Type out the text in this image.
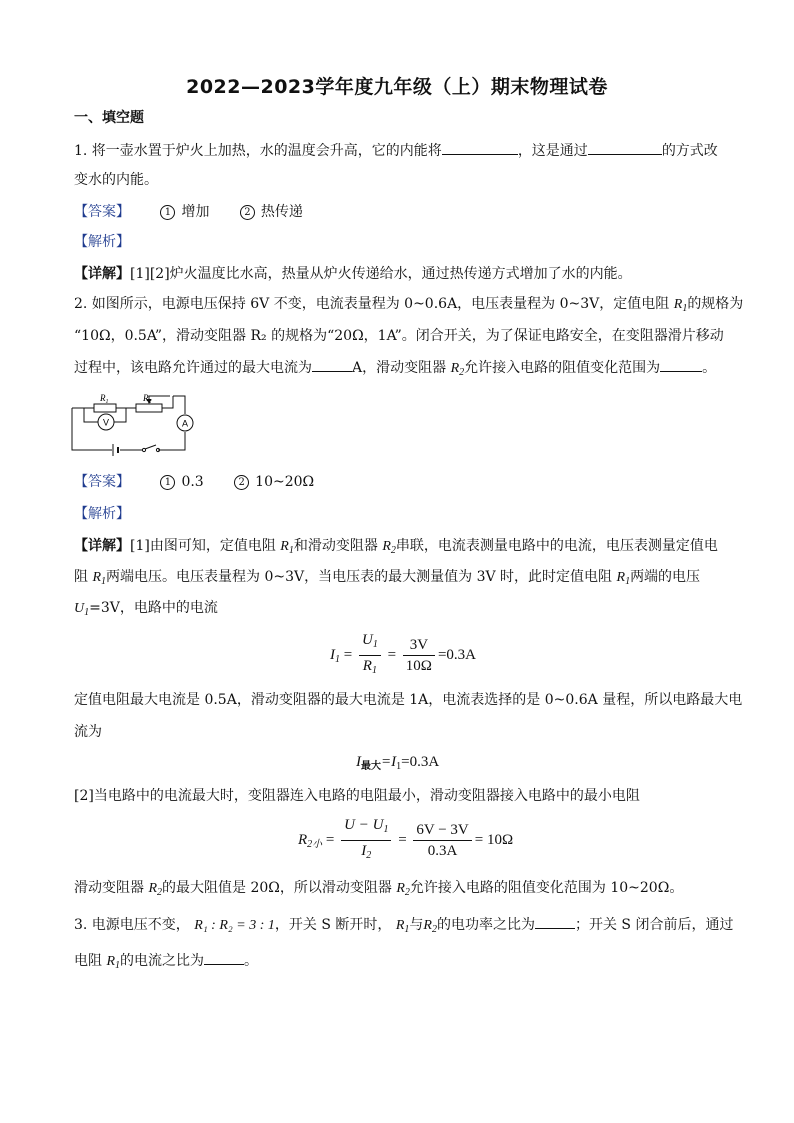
2022—2023学年度九年级（上）期末物理试卷
一、填空题
1. 将一壶水置于炉火上加热，水的温度会升高，它的内能将	，这是通过	的方式改
变水的内能。
【答案】	1 增加	2 热传递
【解析】
【详解】[1][2]炉火温度比水高，热量从炉火传递给水，通过热传递方式增加了水的内能。
2. 如图所示，电源电压保持 6V 不变，电流表量程为 0~0.6A，电压表量程为 0~3V，定值电阻 $R_1$的规格为
“10Ω，0.5A”，滑动变阻器 R₂ 的规格为“20Ω，1A”。闭合开关，为了保证电路安全，在变阻器滑片移动
过程中，该电路允许通过的最大电流为	A，滑动变阻器 $R_2$允许接入电路的阻值变化范围为	。
$R_1$	$R_2$
V	A
【答案】	1 0.3	2 10~20Ω
【解析】
【详解】[1]由图可知，定值电阻 $R_1$和滑动变阻器 $R_2$串联，电流表测量电路中的电流，电压表测量定值电
阻 $R_1$两端电压。电压表量程为 0~3V，当电压表的最大测量值为 3V 时，此时定值电阻 $R_1$两端的电压
$U_1=3V$，电路中的电流
$I_1 = \frac{U_1}{R_1} = \frac{3V}{10\Omega} =0.3A$
定值电阻最大电流是 0.5A，滑动变阻器的最大电流是 1A，电流表选择的是 0~0.6A 量程，所以电路最大电
流为
$I_{最大}=I_1=0.3A$
[2]当电路中的电流最大时，变阻器连入电路的电阻最小，滑动变阻器接入电路中的最小电阻
$R_{2小} = \frac{U - U_1}{I_2} = \frac{6V - 3V}{0.3A} = 10\Omega$
滑动变阻器 $R_2$的最大阻值是 20Ω，所以滑动变阻器 $R_2$允许接入电路的阻值变化范围为 10~20Ω。
3. 电源电压不变， R₁ : R₂ = 3 : 1，开关 S 断开时， $R_1$与$R_2$的电功率之比为	；开关 S 闭合前后，通过
电阻 $R_1$的电流之比为	。
